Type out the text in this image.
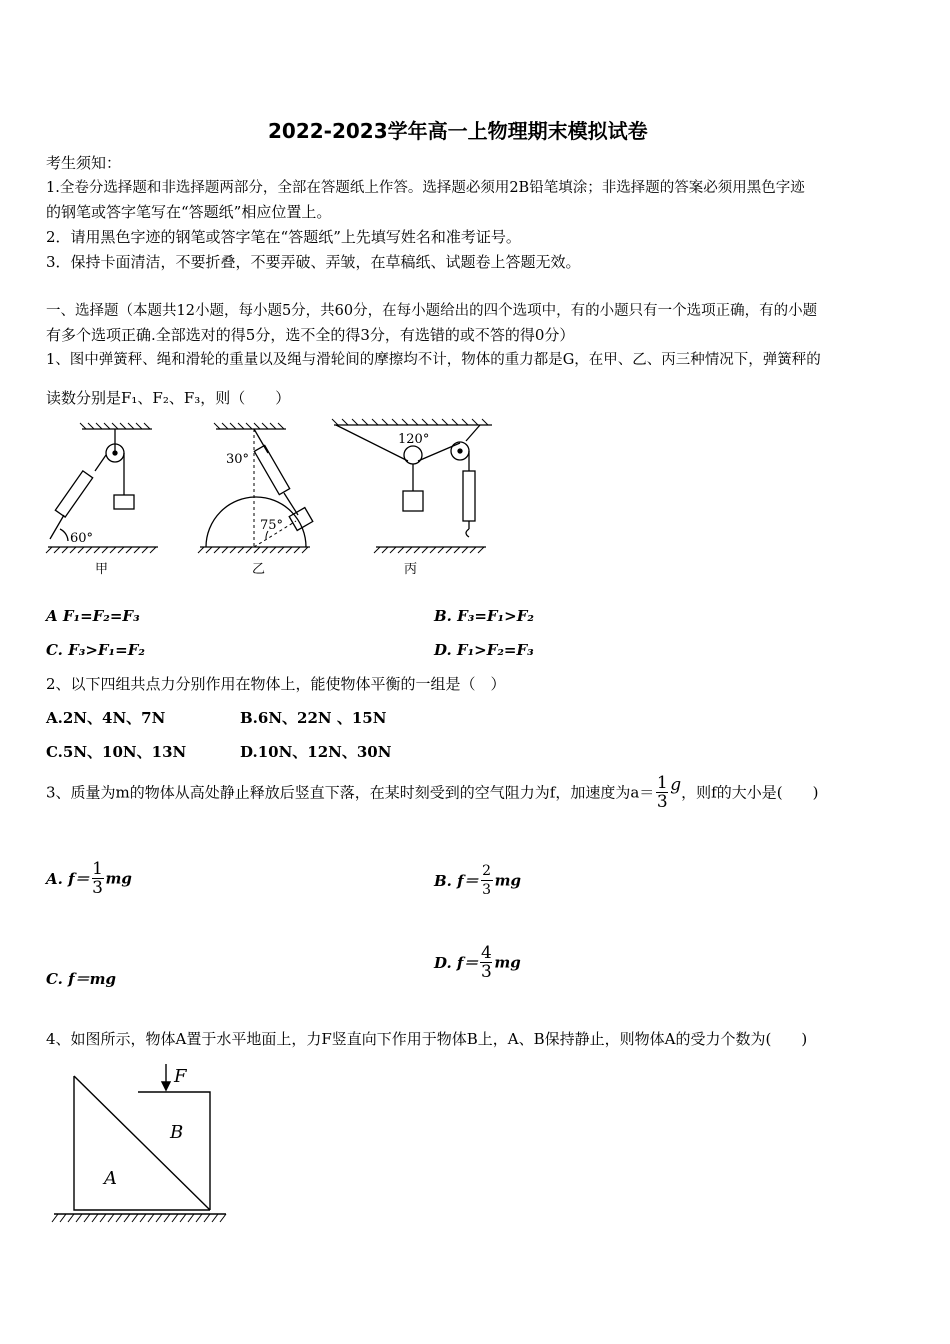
2022-2023学年高一上物理期末模拟试卷
考生须知：
1.全卷分选择题和非选择题两部分，全部在答题纸上作答。选择题必须用2B铅笔填涂；非选择题的答案必须用黑色字迹
的钢笔或答字笔写在“答题纸”相应位置上。
2．请用黑色字迹的钢笔或答字笔在“答题纸”上先填写姓名和准考证号。
3．保持卡面清洁，不要折叠，不要弄破、弄皱，在草稿纸、试题卷上答题无效。
一、选择题（本题共12小题，每小题5分，共60分，在每小题给出的四个选项中，有的小题只有一个选项正确，有的小题
有多个选项正确.全部选对的得5分，选不全的得3分，有选错的或不答的得0分）
1、图中弹簧秤、绳和滑轮的重量以及绳与滑轮间的摩擦均不计，物体的重力都是G，在甲、乙、丙三种情况下，弹簧秤的
读数分别是F₁、F₂、F₃，则（　　）
60°
30°
75°
120°
甲	乙	丙
A F₁=F₂=F₃	B. F₃=F₁>F₂
C. F₃>F₁=F₂	D. F₁>F₂=F₃
2、以下四组共点力分别作用在物体上，能使物体平衡的一组是（　）
A.2N、4N、7N	B.6N、22N 、15N
C.5N、10N、13N	D.10N、12N、30N
3、质量为m的物体从高处静止释放后竖直下落，在某时刻受到的空气阻力为f，加速度为$a= \frac{1}{3}$ g，则f的大小是(　　)
A. $f= \frac{1}{3}$ mg	B. $f= \frac{2}{3}$ mg
C. f＝mg
D. $f= \frac{4}{3}$ mg
4、如图所示，物体A置于水平地面上，力F竖直向下作用于物体B上，A、B保持静止，则物体A的受力个数为(　　)
F
B
A
